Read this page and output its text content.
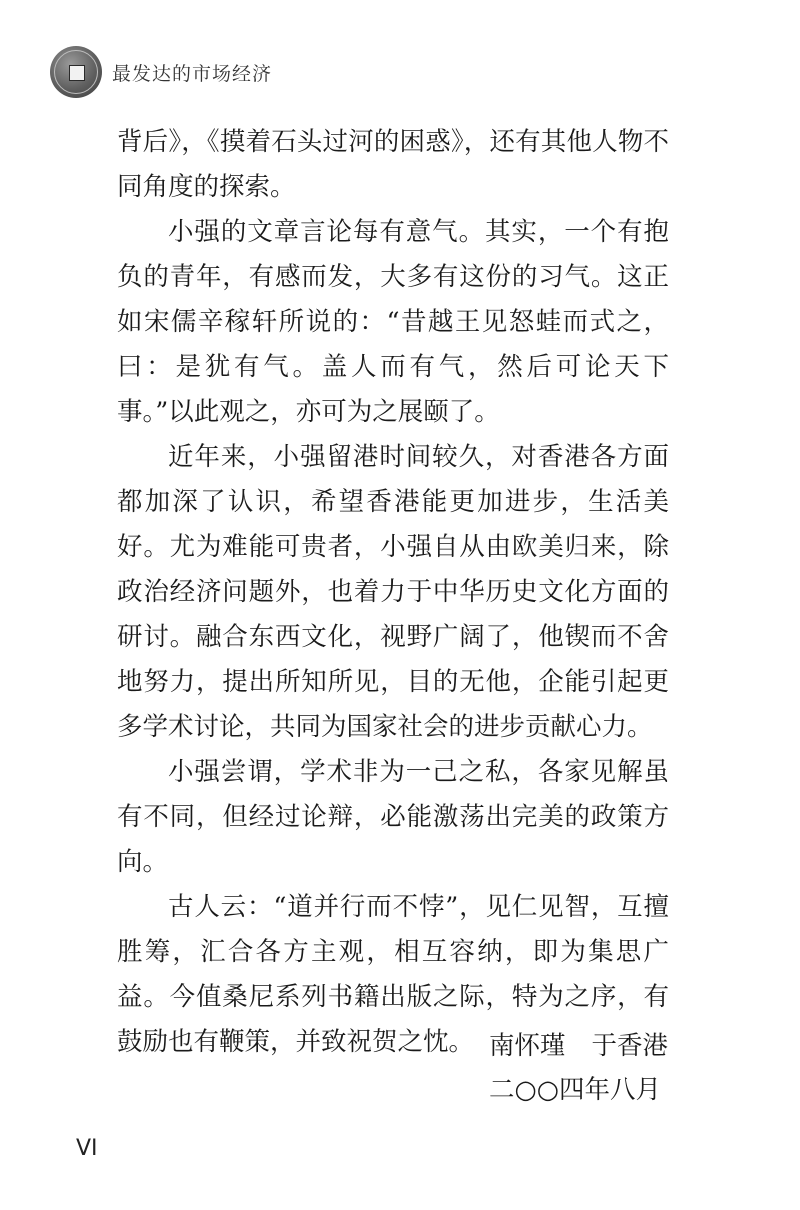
最发达的市场经济

背后》，《摸着石头过河的困惑》，还有其他人物不同角度的探索。

小强的文章言论每有意气。其实，一个有抱负的青年，有感而发，大多有这份的习气。这正如宋儒辛稼轩所说的：“昔越王见怒蛙而式之，曰：是犹有气。盖人而有气，然后可论天下事。”以此观之，亦可为之展颐了。

近年来，小强留港时间较久，对香港各方面都加深了认识，希望香港能更加进步，生活美好。尤为难能可贵者，小强自从由欧美归来，除政治经济问题外，也着力于中华历史文化方面的研讨。融合东西文化，视野广阔了，他锲而不舍地努力，提出所知所见，目的无他，企能引起更多学术讨论，共同为国家社会的进步贡献心力。

小强尝谓，学术非为一己之私，各家见解虽有不同，但经过论辩，必能激荡出完美的政策方向。

古人云：“道并行而不悖”，见仁见智，互擅胜筹，汇合各方主观，相互容纳，即为集思广益。今值桑尼系列书籍出版之际，特为之序，有鼓励也有鞭策，并致祝贺之忱。 南怀瑾 于香港
二○○四年八月
VI
